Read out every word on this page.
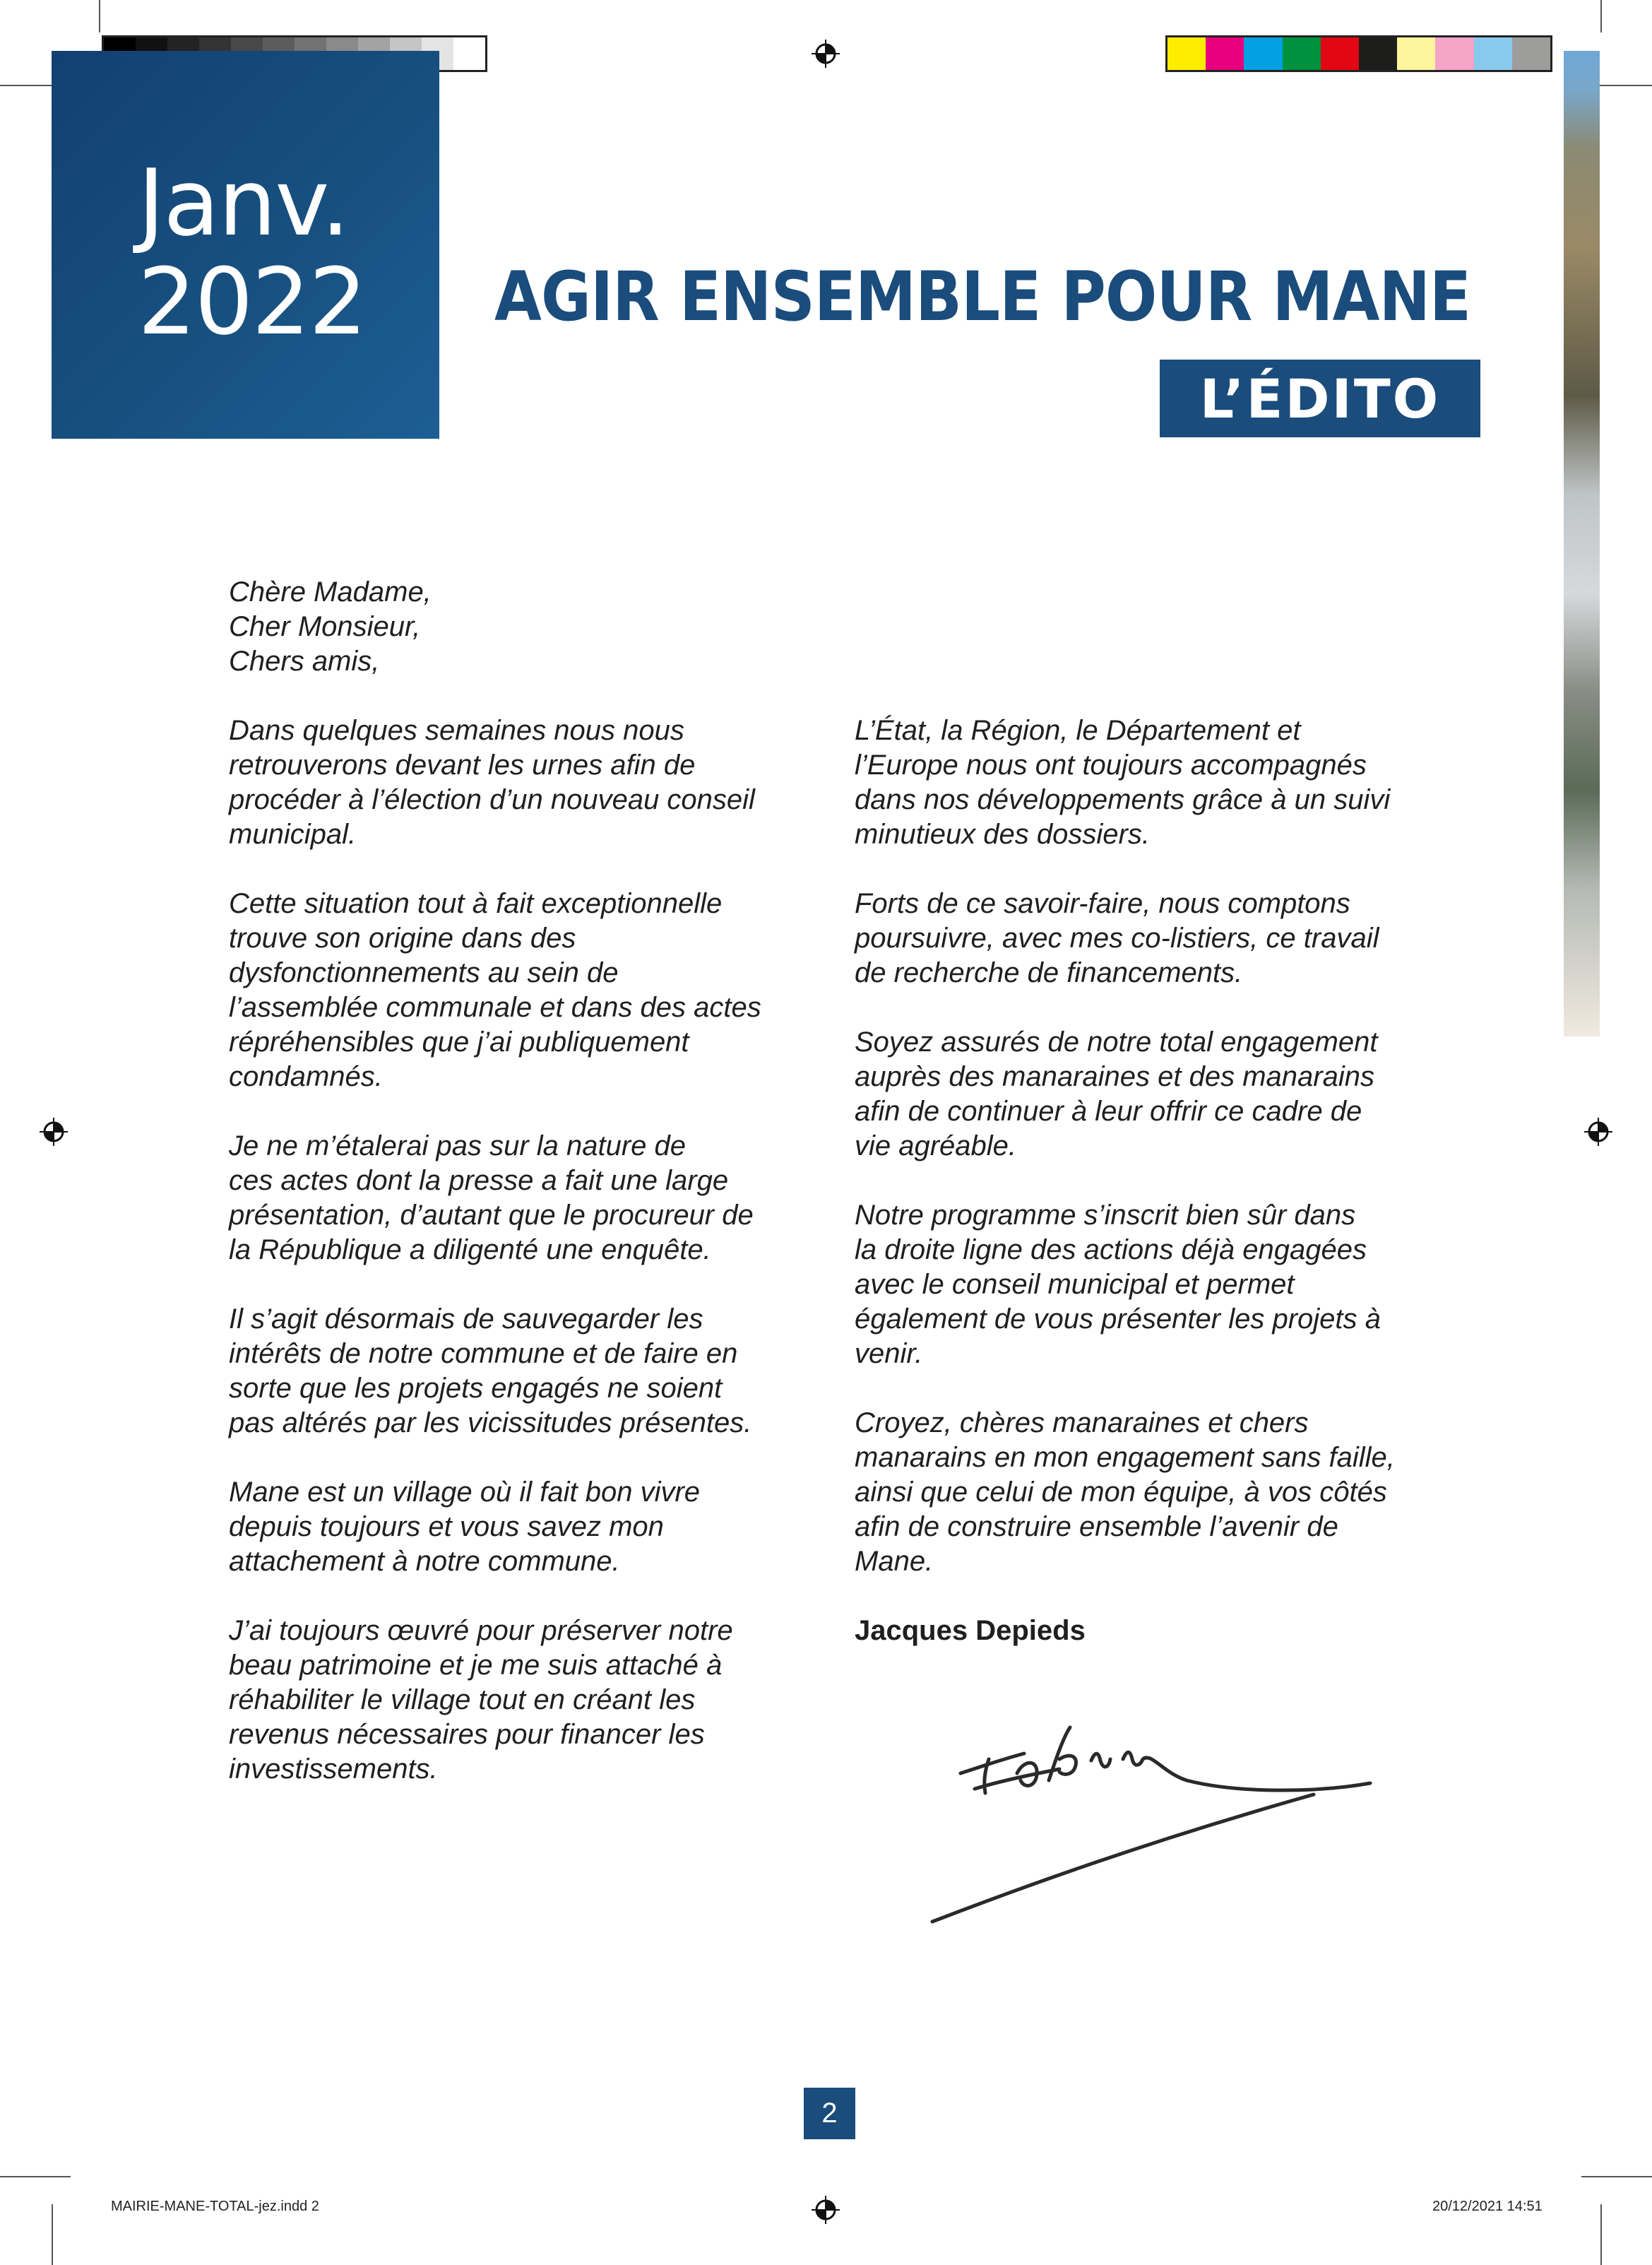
Janv.
2022 AGIR ENSEMBLE POUR MANE
L’ÉDITO

Chère Madame,
Cher Monsieur,
Chers amis,

Dans quelques semaines nous nous
retrouverons devant les urnes afin de
procéder à l’élection d’un nouveau conseil
municipal.

Cette situation tout à fait exceptionnelle
trouve son origine dans des
dysfonctionnements au sein de
l’assemblée communale et dans des actes
répréhensibles que j’ai publiquement
condamnés.

Je ne m’étalerai pas sur la nature de
ces actes dont la presse a fait une large
présentation, d’autant que le procureur de
la République a diligenté une enquête.

Il s’agit désormais de sauvegarder les
intérêts de notre commune et de faire en
sorte que les projets engagés ne soient
pas altérés par les vicissitudes présentes.

Mane est un village où il fait bon vivre
depuis toujours et vous savez mon
attachement à notre commune.

J’ai toujours œuvré pour préserver notre
beau patrimoine et je me suis attaché à
réhabiliter le village tout en créant les
revenus nécessaires pour financer les
investissements.

L’État, la Région, le Département et
l’Europe nous ont toujours accompagnés
dans nos développements grâce à un suivi
minutieux des dossiers.

Forts de ce savoir-faire, nous comptons
poursuivre, avec mes co-listiers, ce travail
de recherche de financements.

Soyez assurés de notre total engagement
auprès des manaraines et des manarains
afin de continuer à leur offrir ce cadre de
vie agréable.

Notre programme s’inscrit bien sûr dans
la droite ligne des actions déjà engagées
avec le conseil municipal et permet
également de vous présenter les projets à
venir.

Croyez, chères manaraines et chers
manarains en mon engagement sans faille,
ainsi que celui de mon équipe, à vos côtés
afin de construire ensemble l’avenir de
Mane.

Jacques Depieds

2
MAIRIE-MANE-TOTAL-jez.indd 2	20/12/2021 14:51
